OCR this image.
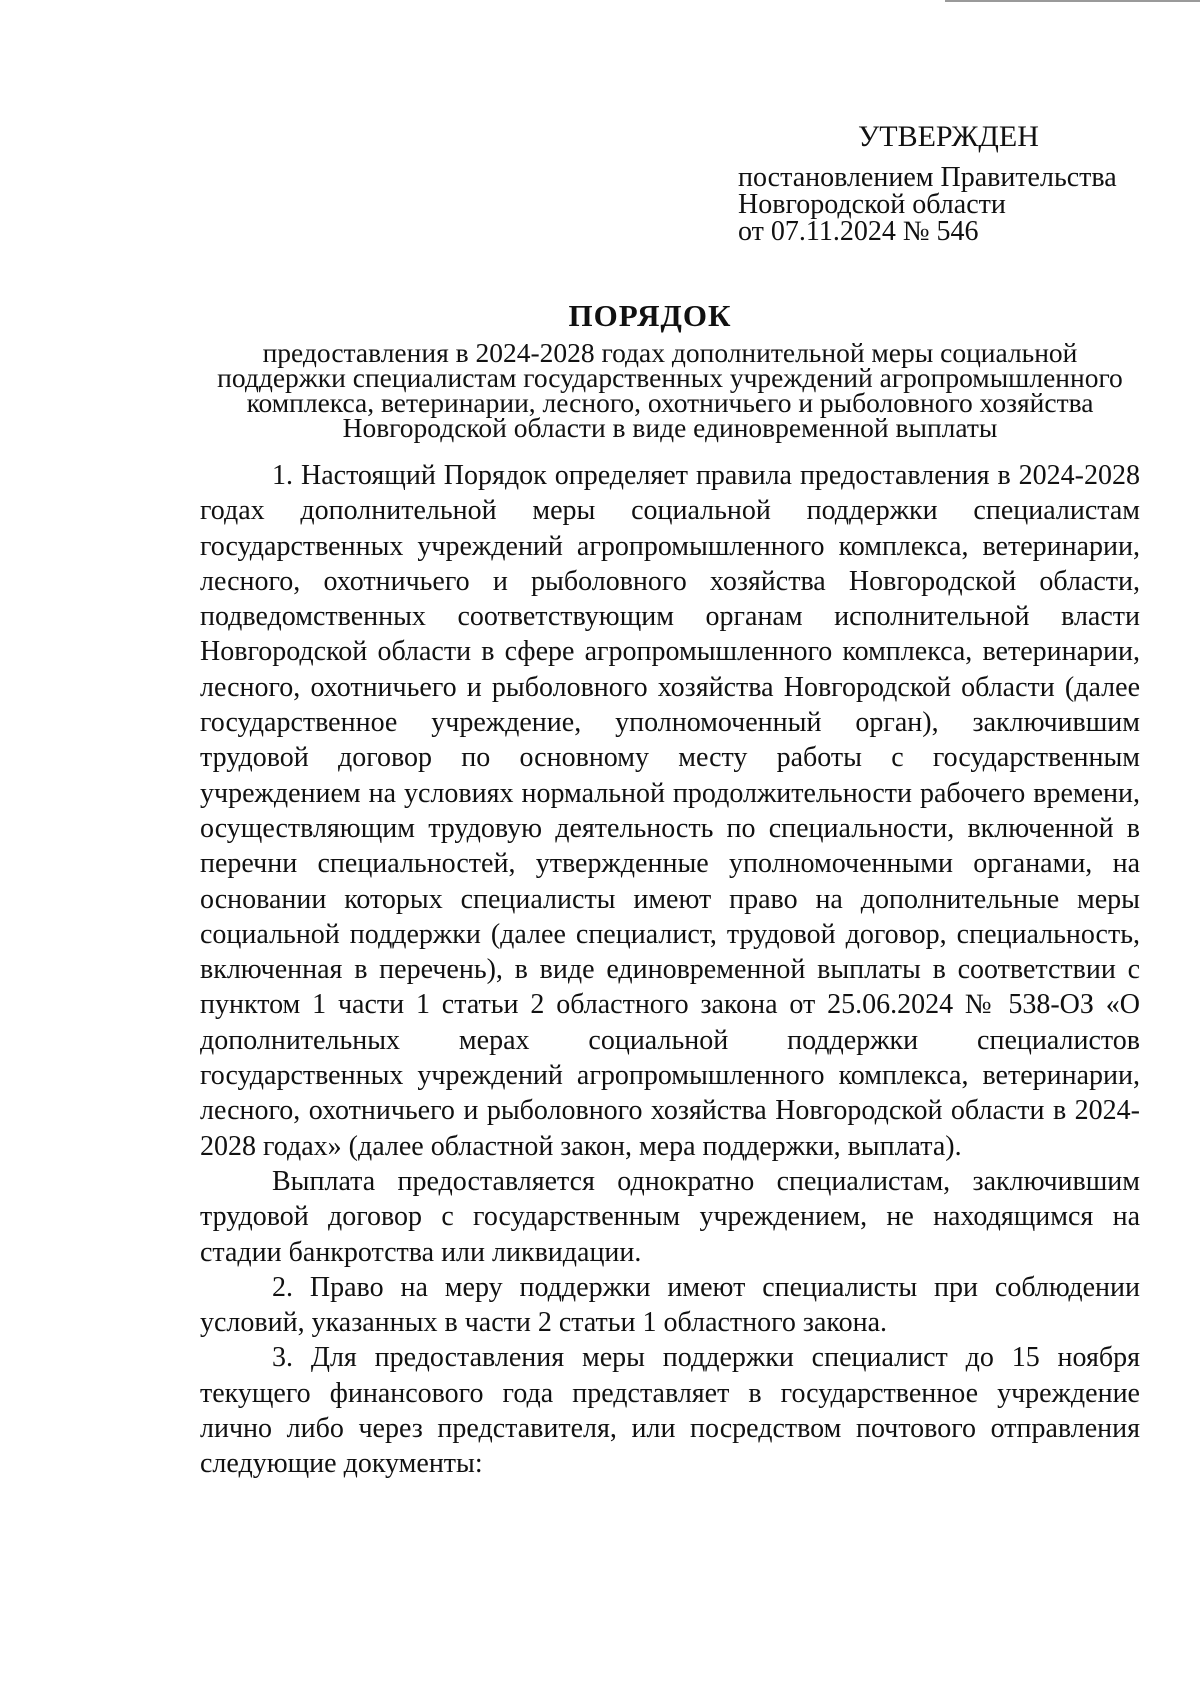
УТВЕРЖДЕН
постановлением Правительства
Новгородской области
от 07.11.2024 № 546
ПОРЯДОК
предоставления в 2024-2028 годах дополнительной меры социальной
поддержки специалистам государственных учреждений агропромышленного
комплекса, ветеринарии, лесного, охотничьего и рыболовного хозяйства
Новгородской области в виде единовременной выплаты

1. Настоящий Порядок определяет правила предоставления в 2024-2028 годах дополнительной меры социальной поддержки специалистам государственных учреждений агропромышленного комплекса, ветеринарии, лесного, охотничьего и рыболовного хозяйства Новгородской области, подведомственных соответствующим органам исполнительной власти Новгородской области в сфере агропромышленного комплекса, ветеринарии, лесного, охотничьего и рыболовного хозяйства Новгородской области (далее государственное учреждение, уполномоченный орган), заключившим трудовой договор по основному месту работы с государственным учреждением на условиях нормальной продолжительности рабочего времени, осуществляющим трудовую деятельность по специальности, включенной в перечни специальностей, утвержденные уполномоченными органами, на основании которых специалисты имеют право на дополнительные меры социальной поддержки (далее специалист, трудовой договор, специальность, включенная в перечень), в виде единовременной выплаты в соответствии с пунктом 1 части 1 статьи 2 областного закона от 25.06.2024 № 538-ОЗ «О дополнительных мерах социальной поддержки специалистов государственных учреждений агропромышленного комплекса, ветеринарии, лесного, охотничьего и рыболовного хозяйства Новгородской области в 2024-2028 годах» (далее областной закон, мера поддержки, выплата).

Выплата предоставляется однократно специалистам, заключившим трудовой договор с государственным учреждением, не находящимся на стадии банкротства или ликвидации.

2. Право на меру поддержки имеют специалисты при соблюдении условий, указанных в части 2 статьи 1 областного закона.

3. Для предоставления меры поддержки специалист до 15 ноября текущего финансового года представляет в государственное учреждение лично либо через представителя, или посредством почтового отправления следующие документы:
